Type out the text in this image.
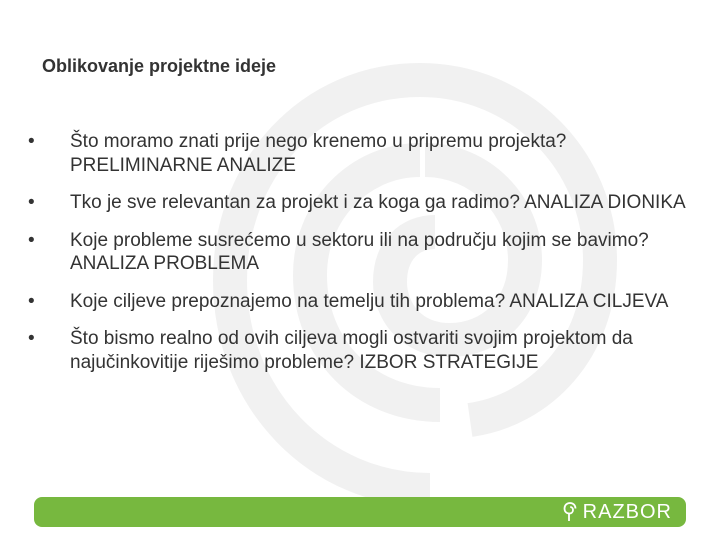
Oblikovanje projektne ideje
•	Što moramo znati prije nego krenemo u pripremu projekta? PRELIMINARNE ANALIZE
•	Tko je sve relevantan za projekt i za koga ga radimo? ANALIZA DIONIKA
•	Koje probleme susrećemo u sektoru ili na području kojim se bavimo? ANALIZA PROBLEMA
•	Koje ciljeve prepoznajemo na temelju tih problema? ANALIZA CILJEVA
•	Što bismo realno od ovih ciljeva mogli ostvariti svojim projektom da najučinkovitije riješimo probleme? IZBOR STRATEGIJE
RAZBOR
